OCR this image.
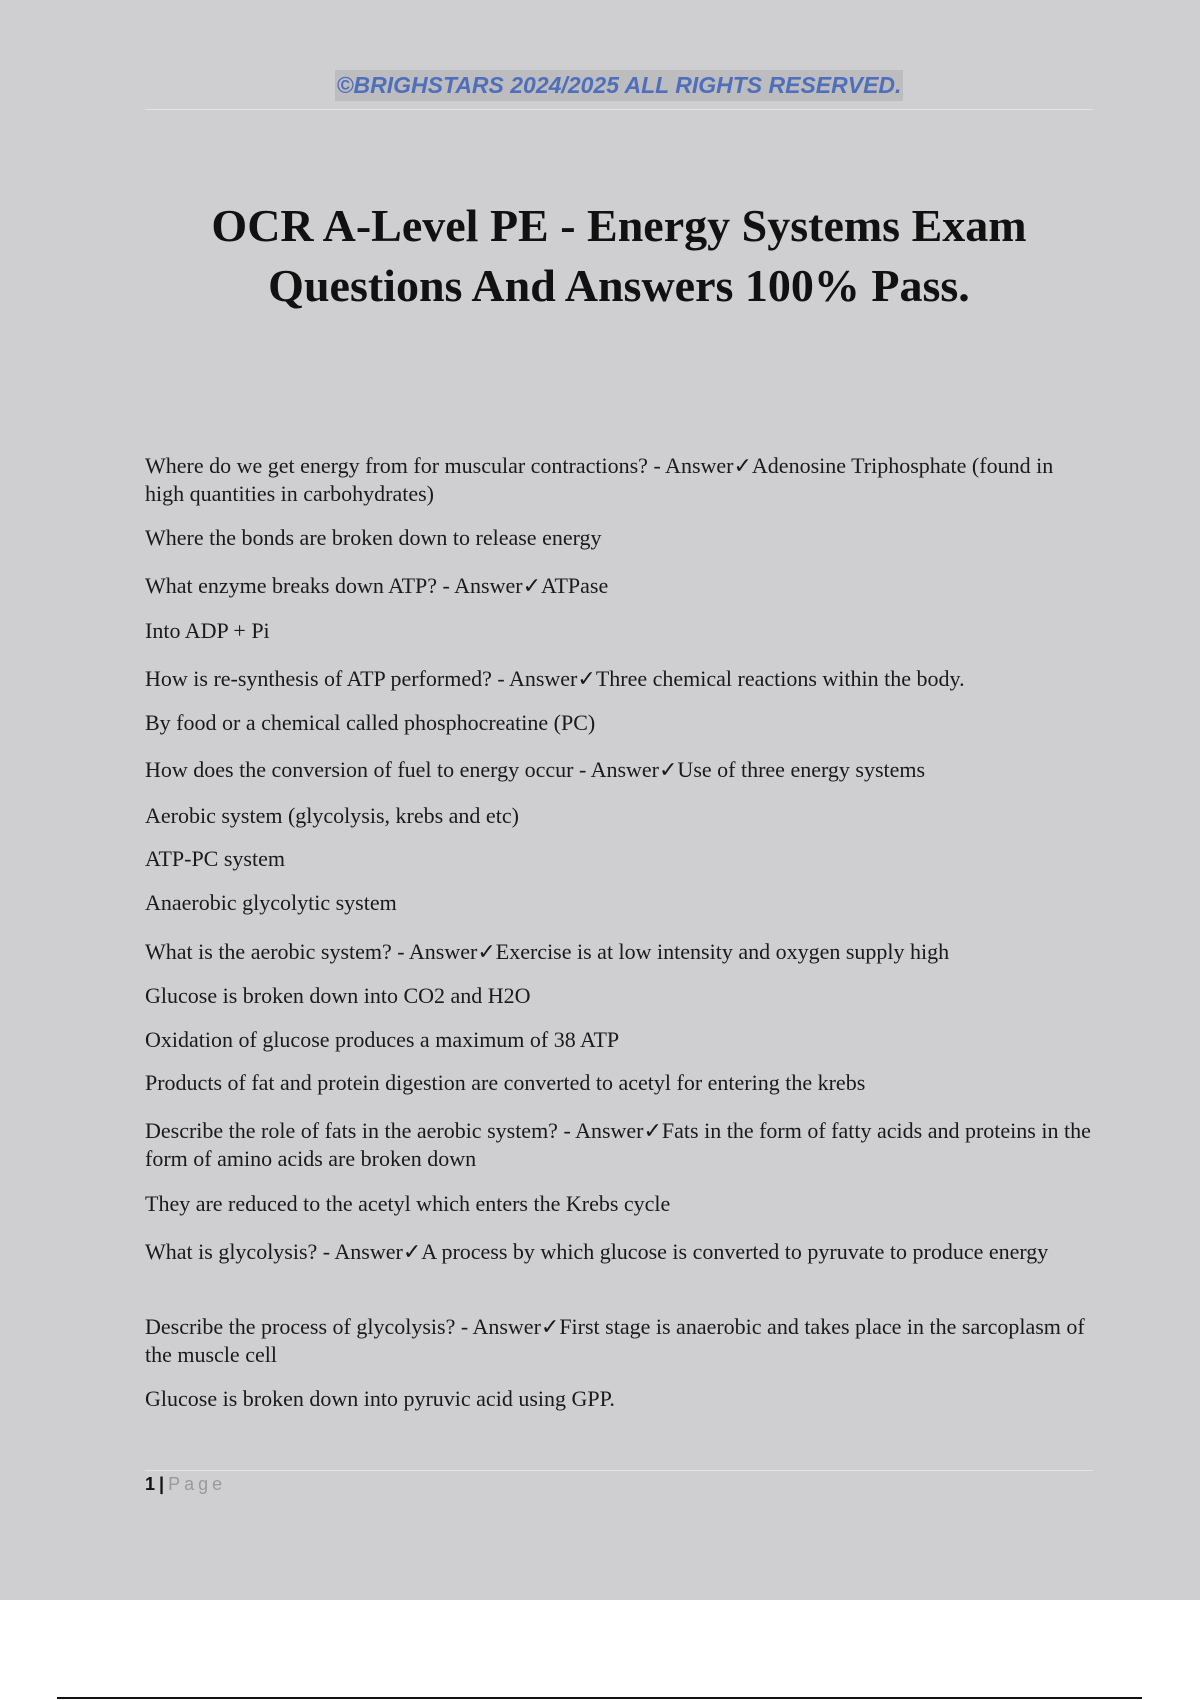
©BRIGHSTARS 2024/2025 ALL RIGHTS RESERVED.
OCR A-Level PE - Energy Systems Exam
Questions And Answers 100% Pass.
Where do we get energy from for muscular contractions? - Answer✓Adenosine Triphosphate (found in high quantities in carbohydrates)
Where the bonds are broken down to release energy
What enzyme breaks down ATP? - Answer✓ATPase
Into ADP + Pi
How is re-synthesis of ATP performed? - Answer✓Three chemical reactions within the body.
By food or a chemical called phosphocreatine (PC)
How does the conversion of fuel to energy occur - Answer✓Use of three energy systems
Aerobic system (glycolysis, krebs and etc)
ATP-PC system
Anaerobic glycolytic system
What is the aerobic system? - Answer✓Exercise is at low intensity and oxygen supply high
Glucose is broken down into CO2 and H2O
Oxidation of glucose produces a maximum of 38 ATP
Products of fat and protein digestion are converted to acetyl for entering the krebs
Describe the role of fats in the aerobic system? - Answer✓Fats in the form of fatty acids and proteins in the form of amino acids are broken down
They are reduced to the acetyl which enters the Krebs cycle
What is glycolysis? - Answer✓A process by which glucose is converted to pyruvate to produce energy
Describe the process of glycolysis? - Answer✓First stage is anaerobic and takes place in the sarcoplasm of the muscle cell
Glucose is broken down into pyruvic acid using GPP.
1 | Page
